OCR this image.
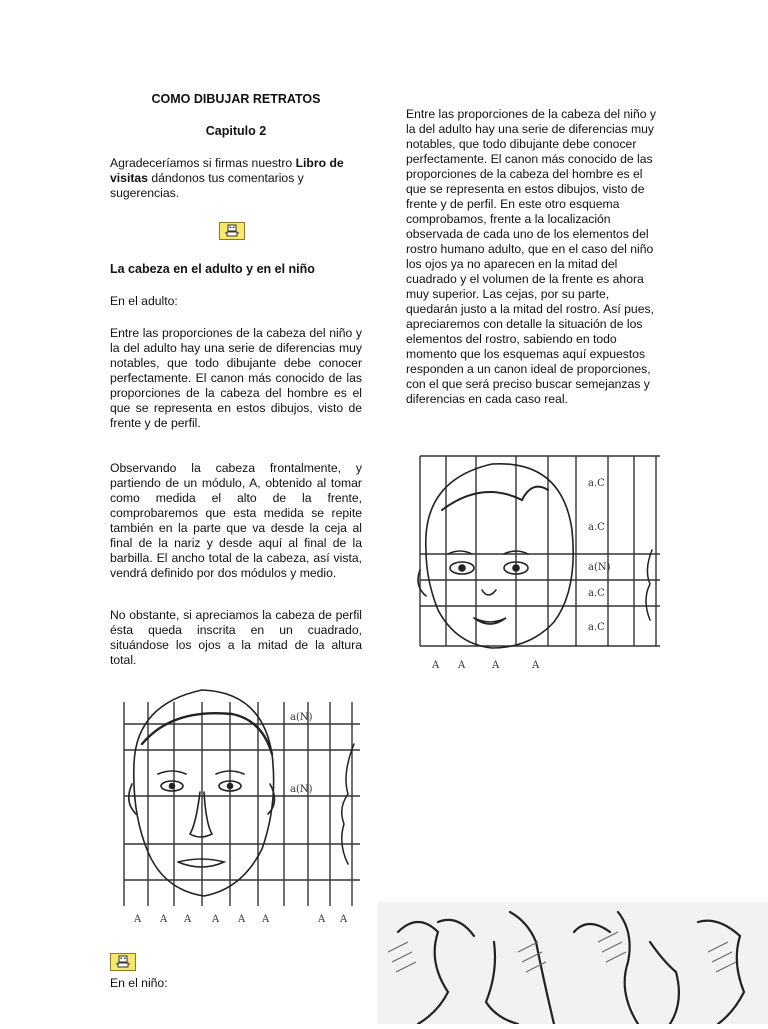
COMO DIBUJAR RETRATOS
Capitulo 2

Agradeceríamos si firmas nuestro Libro de visitas dándonos tus comentarios y sugerencias.

La cabeza en el adulto y en el niño

En el adulto:

Entre las proporciones de la cabeza del niño y la del adulto hay una serie de diferencias muy notables, que todo dibujante debe conocer perfectamente. El canon más conocido de las proporciones de la cabeza del hombre es el que se representa en estos dibujos, visto de frente y de perfil.

Observando la cabeza frontalmente, y partiendo de un módulo, A, obtenido al tomar como medida el alto de la frente, comprobaremos que esta medida se repite también en la parte que va desde la ceja al final de la nariz y desde aquí al final de la barbilla. El ancho total de la cabeza, así vista, vendrá definido por dos módulos y medio.

No obstante, si apreciamos la cabeza de perfil ésta queda inscrita en un cuadrado, situándose los ojos a la mitad de la altura total.

a(N)
a(N)
A A A A A A	A A

En el niño:

Entre las proporciones de la cabeza del niño y la del adulto hay una serie de diferencias muy notables, que todo dibujante debe conocer perfectamente. El canon más conocido de las proporciones de la cabeza del hombre es el que se representa en estos dibujos, visto de frente y de perfil. En este otro esquema comprobamos, frente a la localización observada de cada uno de los elementos del rostro humano adulto, que en el caso del niño los ojos ya no aparecen en la mitad del cuadrado y el volumen de la frente es ahora muy superior. Las cejas, por su parte, quedarán justo a la mitad del rostro. Así pues, apreciaremos con detalle la situación de los elementos del rostro, sabiendo en todo momento que los esquemas aquí expuestos responden a un canon ideal de proporciones, con el que será preciso buscar semejanzas y diferencias en cada caso real.

a.C
a.C
a(N)
a.C
a.C
A A	A	A
